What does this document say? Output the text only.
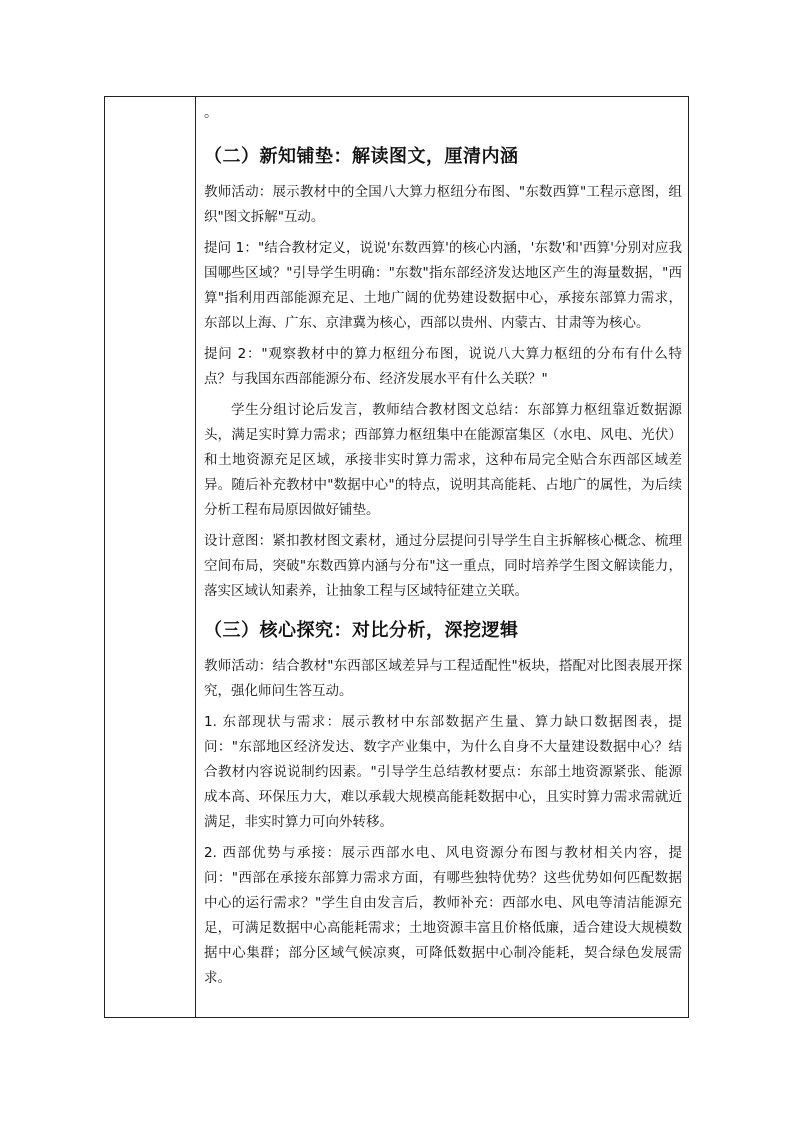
。

（二）新知铺垫：解读图文，厘清内涵

教师活动：展示教材中的全国八大算力枢纽分布图、"东数西算"工程示意图，组织"图文拆解"互动。

提问 1："结合教材定义，说说'东数西算'的核心内涵，'东数'和'西算'分别对应我国哪些区域？"引导学生明确："东数"指东部经济发达地区产生的海量数据，"西算"指利用西部能源充足、土地广阔的优势建设数据中心，承接东部算力需求，东部以上海、广东、京津冀为核心，西部以贵州、内蒙古、甘肃等为核心。

提问 2："观察教材中的算力枢纽分布图，说说八大算力枢纽的分布有什么特点？与我国东西部能源分布、经济发展水平有什么关联？"

学生分组讨论后发言，教师结合教材图文总结：东部算力枢纽靠近数据源头，满足实时算力需求；西部算力枢纽集中在能源富集区（水电、风电、光伏）和土地资源充足区域，承接非实时算力需求，这种布局完全贴合东西部区域差异。随后补充教材中"数据中心"的特点，说明其高能耗、占地广的属性，为后续分析工程布局原因做好铺垫。

设计意图：紧扣教材图文素材，通过分层提问引导学生自主拆解核心概念、梳理空间布局，突破"东数西算内涵与分布"这一重点，同时培养学生图文解读能力，落实区域认知素养，让抽象工程与区域特征建立关联。

（三）核心探究：对比分析，深挖逻辑

教师活动：结合教材"东西部区域差异与工程适配性"板块，搭配对比图表展开探究，强化师问生答互动。

1. 东部现状与需求：展示教材中东部数据产生量、算力缺口数据图表，提问："东部地区经济发达、数字产业集中，为什么自身不大量建设数据中心？结合教材内容说说制约因素。"引导学生总结教材要点：东部土地资源紧张、能源成本高、环保压力大，难以承载大规模高能耗数据中心，且实时算力需求需就近满足，非实时算力可向外转移。

2. 西部优势与承接：展示西部水电、风电资源分布图与教材相关内容，提问："西部在承接东部算力需求方面，有哪些独特优势？这些优势如何匹配数据中心的运行需求？"学生自由发言后，教师补充：西部水电、风电等清洁能源充足，可满足数据中心高能耗需求；土地资源丰富且价格低廉，适合建设大规模数据中心集群；部分区域气候凉爽，可降低数据中心制冷能耗，契合绿色发展需求。
